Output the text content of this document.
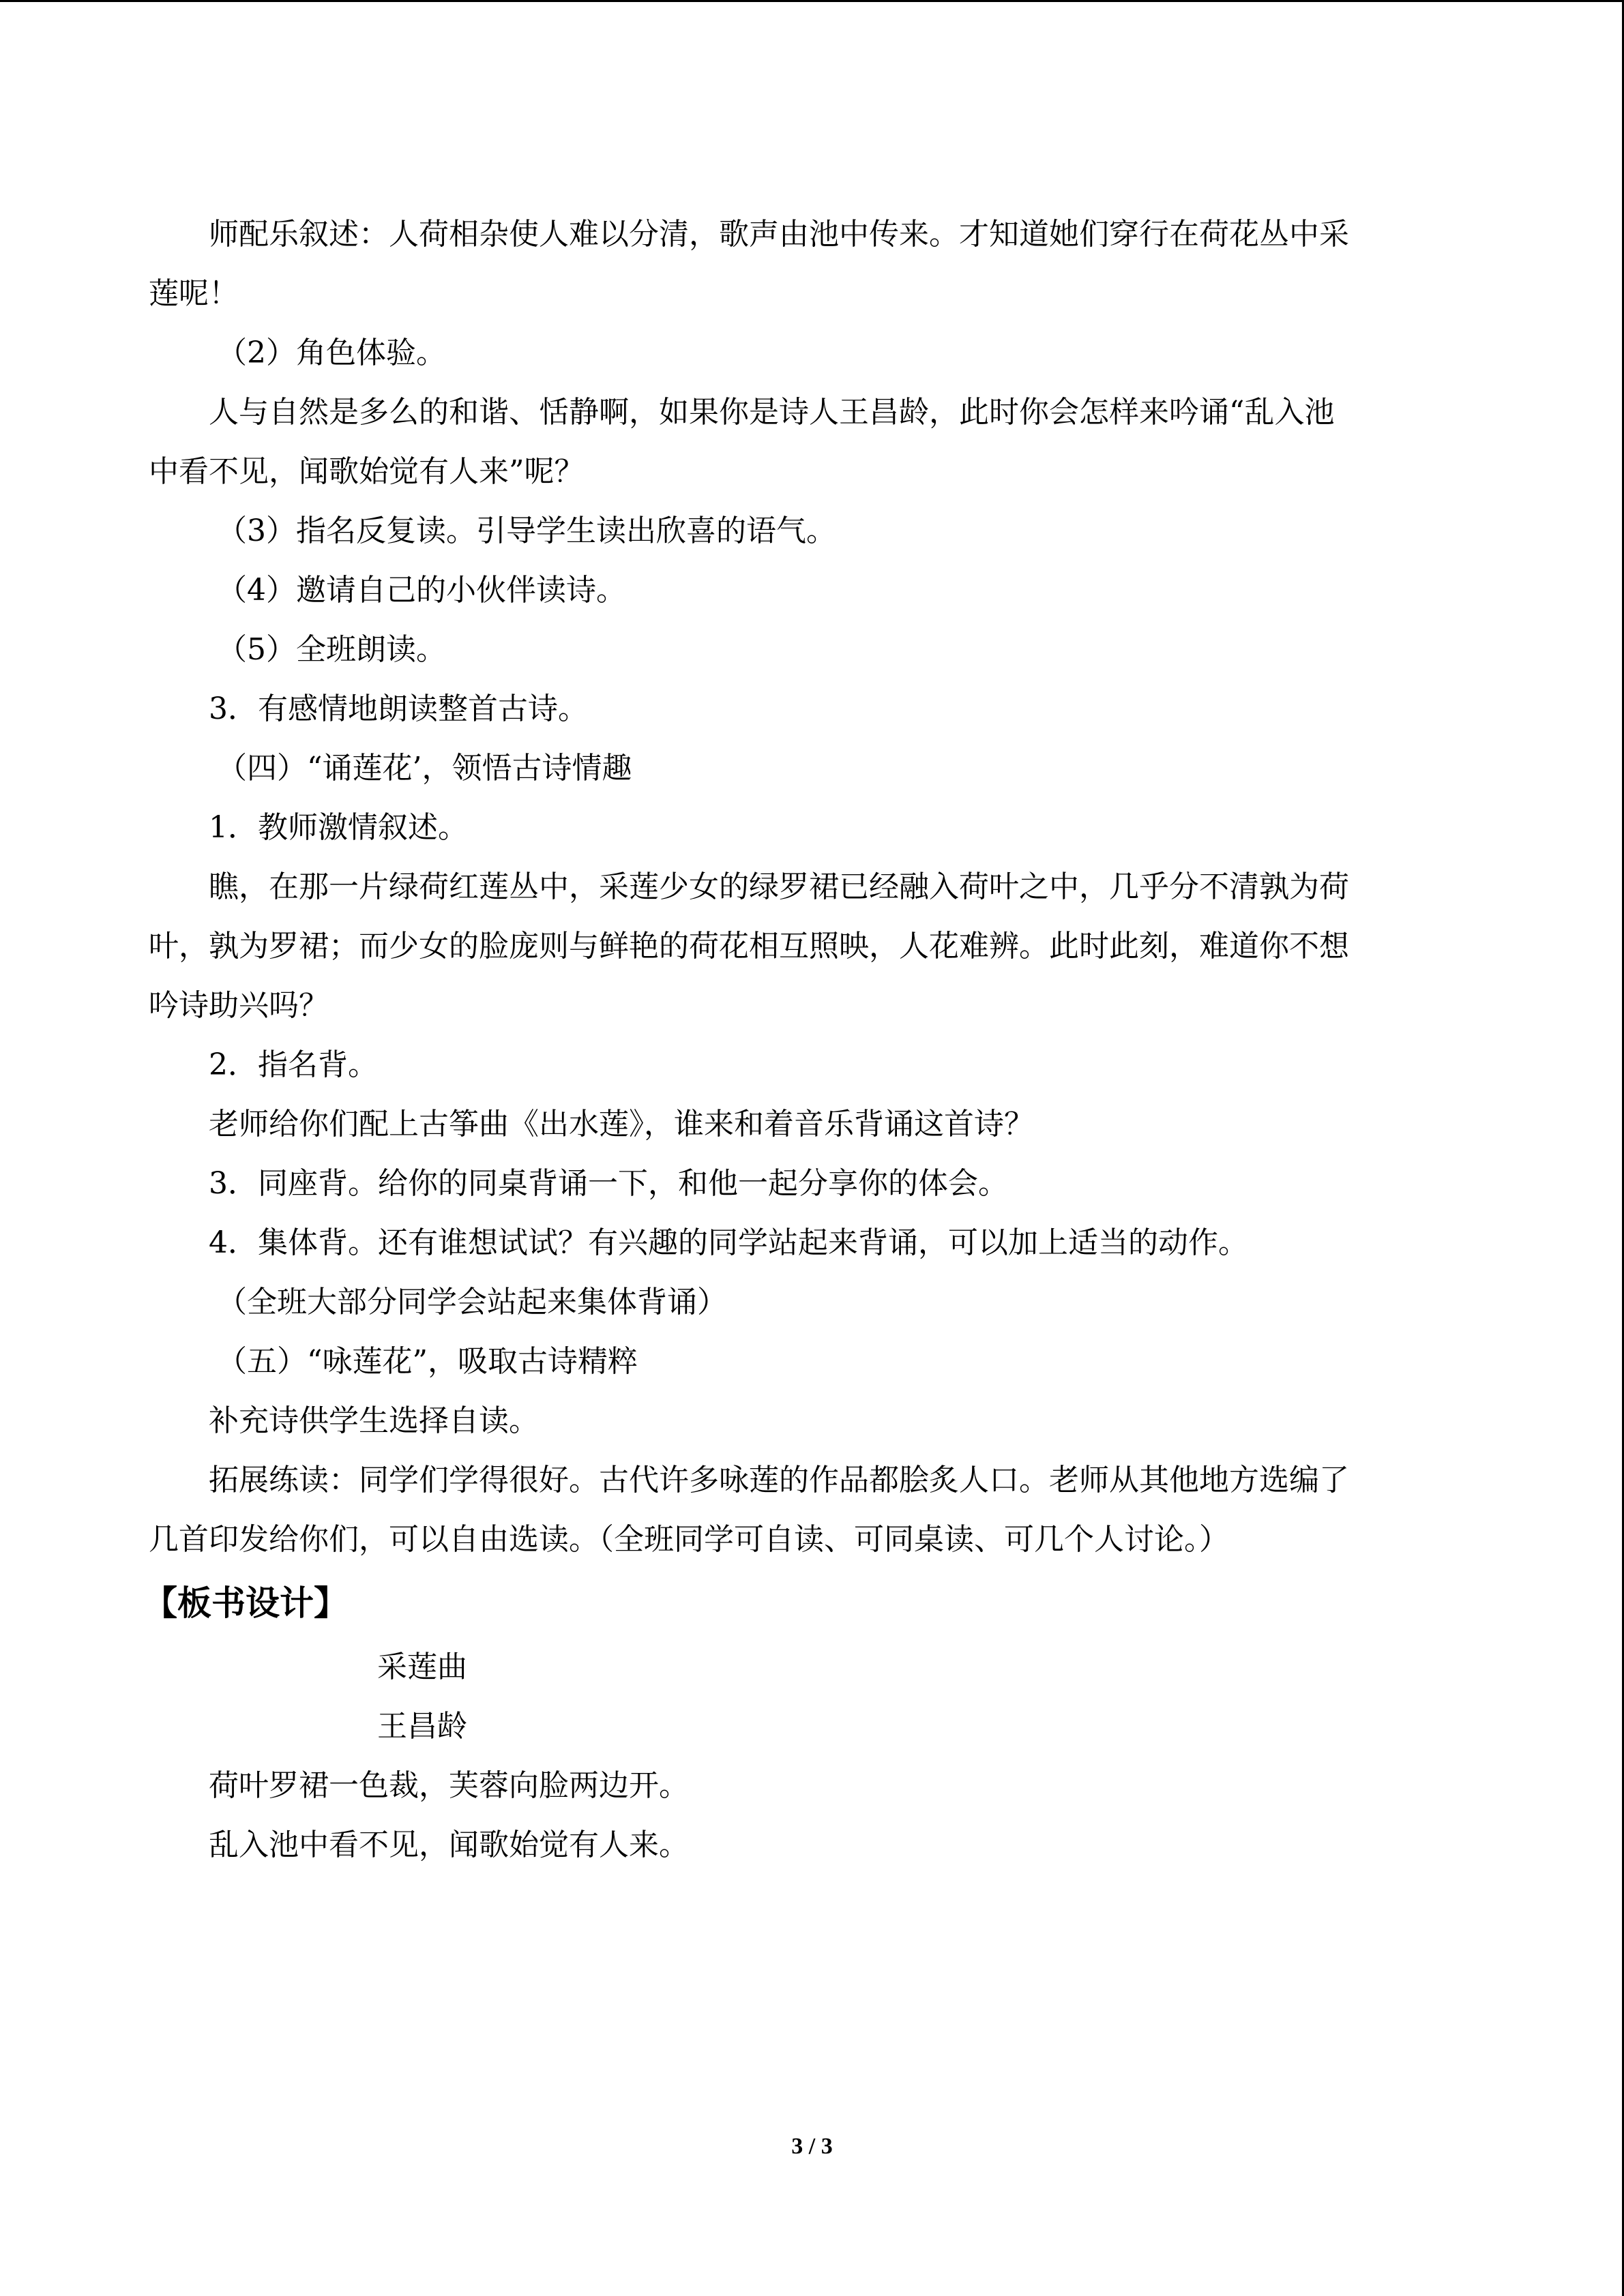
师配乐叙述：人荷相杂使人难以分清，歌声由池中传来。才知道她们穿行在荷花丛中采
莲呢！
（2）角色体验。
人与自然是多么的和谐、恬静啊，如果你是诗人王昌龄，此时你会怎样来吟诵“乱入池
中看不见，闻歌始觉有人来”呢？
（3）指名反复读。引导学生读出欣喜的语气。
（4）邀请自己的小伙伴读诗。
（5）全班朗读。
3．有感情地朗读整首古诗。
（四）“诵莲花’，领悟古诗情趣
1．教师激情叙述。
瞧，在那一片绿荷红莲丛中，采莲少女的绿罗裙已经融入荷叶之中，几乎分不清孰为荷
叶，孰为罗裙；而少女的脸庞则与鲜艳的荷花相互照映，人花难辨。此时此刻，难道你不想
吟诗助兴吗？
2．指名背。
老师给你们配上古筝曲《出水莲》，谁来和着音乐背诵这首诗？
3．同座背。给你的同桌背诵一下，和他一起分享你的体会。
4．集体背。还有谁想试试？有兴趣的同学站起来背诵，可以加上适当的动作。
（全班大部分同学会站起来集体背诵）
（五）“咏莲花”，吸取古诗精粹
补充诗供学生选择自读。
拓展练读：同学们学得很好。古代许多咏莲的作品都脍炙人口。老师从其他地方选编了
几首印发给你们，可以自由选读。（全班同学可自读、可同桌读、可几个人讨论。）
【板书设计】
采莲曲
王昌龄
荷叶罗裙一色裁，芙蓉向脸两边开。
乱入池中看不见，闻歌始觉有人来。
3 / 3
